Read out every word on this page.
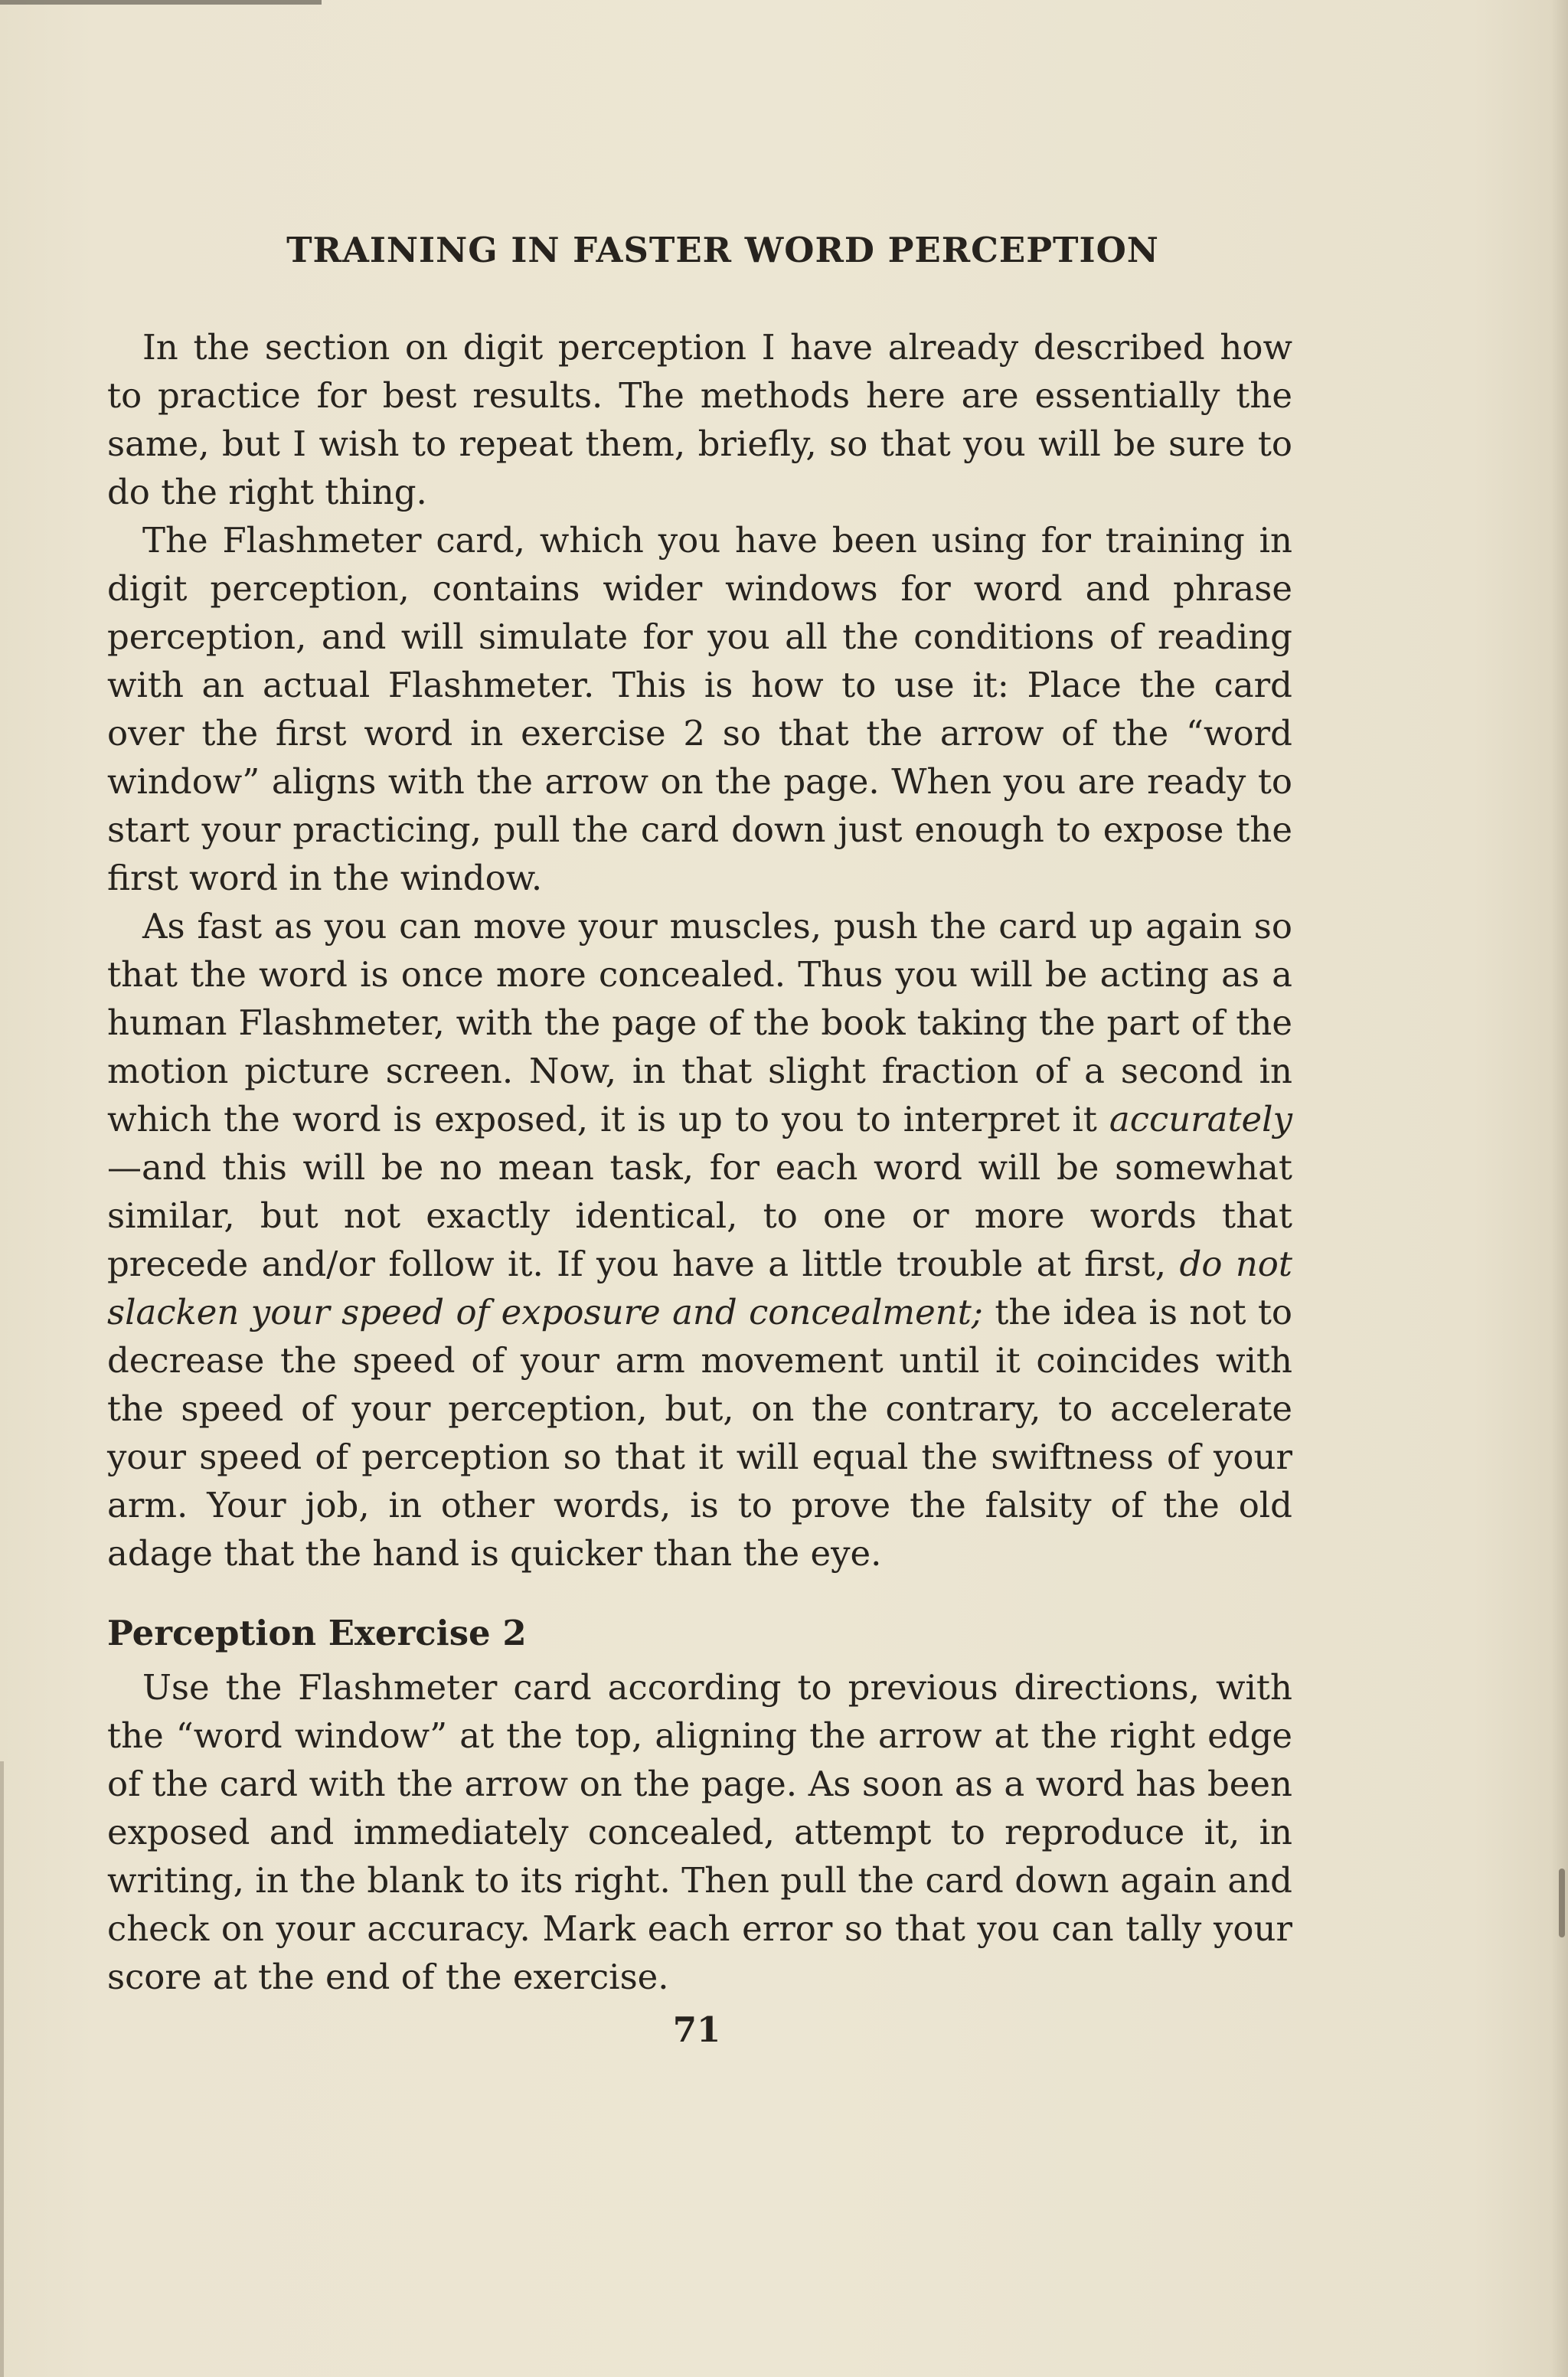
TRAINING IN FASTER WORD PERCEPTION

In the section on digit perception I have already described how to practice for best results. The methods here are essentially the same, but I wish to repeat them, briefly, so that you will be sure to do the right thing.

The Flashmeter card, which you have been using for training in digit perception, contains wider windows for word and phrase perception, and will simulate for you all the conditions of reading with an actual Flashmeter. This is how to use it: Place the card over the first word in exercise 2 so that the arrow of the “word window” aligns with the arrow on the page. When you are ready to start your practicing, pull the card down just enough to expose the first word in the window.

As fast as you can move your muscles, push the card up again so that the word is once more concealed. Thus you will be acting as a human Flashmeter, with the page of the book taking the part of the motion picture screen. Now, in that slight fraction of a second in which the word is exposed, it is up to you to interpret it accurately—and this will be no mean task, for each word will be somewhat similar, but not exactly identical, to one or more words that precede and/or follow it. If you have a little trouble at first, do not slacken your speed of exposure and concealment; the idea is not to decrease the speed of your arm movement until it coincides with the speed of your perception, but, on the contrary, to accelerate your speed of perception so that it will equal the swiftness of your arm. Your job, in other words, is to prove the falsity of the old adage that the hand is quicker than the eye.

Perception Exercise 2

Use the Flashmeter card according to previous directions, with the “word window” at the top, aligning the arrow at the right edge of the card with the arrow on the page. As soon as a word has been exposed and immediately concealed, attempt to reproduce it, in writing, in the blank to its right. Then pull the card down again and check on your accuracy. Mark each error so that you can tally your score at the end of the exercise.

71
